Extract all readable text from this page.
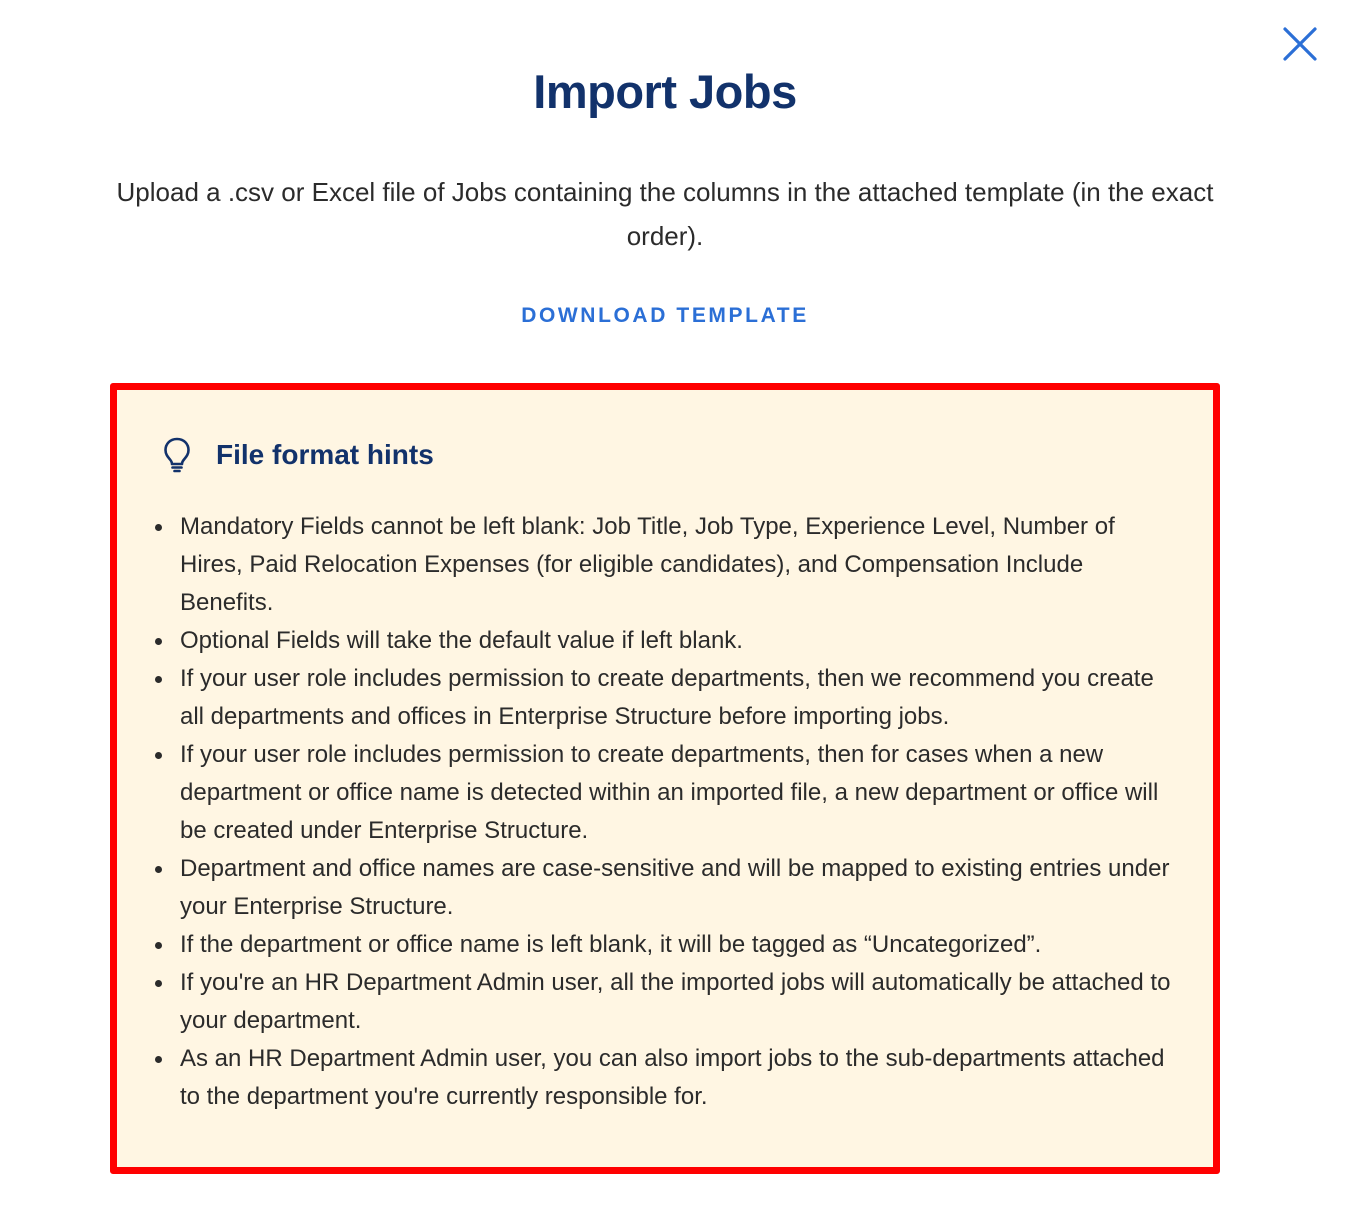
Import Jobs

Upload a .csv or Excel file of Jobs containing the columns in the attached template (in the exact order).

DOWNLOAD TEMPLATE
File format hints
Mandatory Fields cannot be left blank: Job Title, Job Type, Experience Level, Number of Hires, Paid Relocation Expenses (for eligible candidates), and Compensation Include Benefits.
Optional Fields will take the default value if left blank.
If your user role includes permission to create departments, then we recommend you create all departments and offices in Enterprise Structure before importing jobs.
If your user role includes permission to create departments, then for cases when a new department or office name is detected within an imported file, a new department or office will be created under Enterprise Structure.
Department and office names are case-sensitive and will be mapped to existing entries under your Enterprise Structure.
If the department or office name is left blank, it will be tagged as “Uncategorized”.
If you're an HR Department Admin user, all the imported jobs will automatically be attached to your department.
As an HR Department Admin user, you can also import jobs to the sub-departments attached to the department you're currently responsible for.
